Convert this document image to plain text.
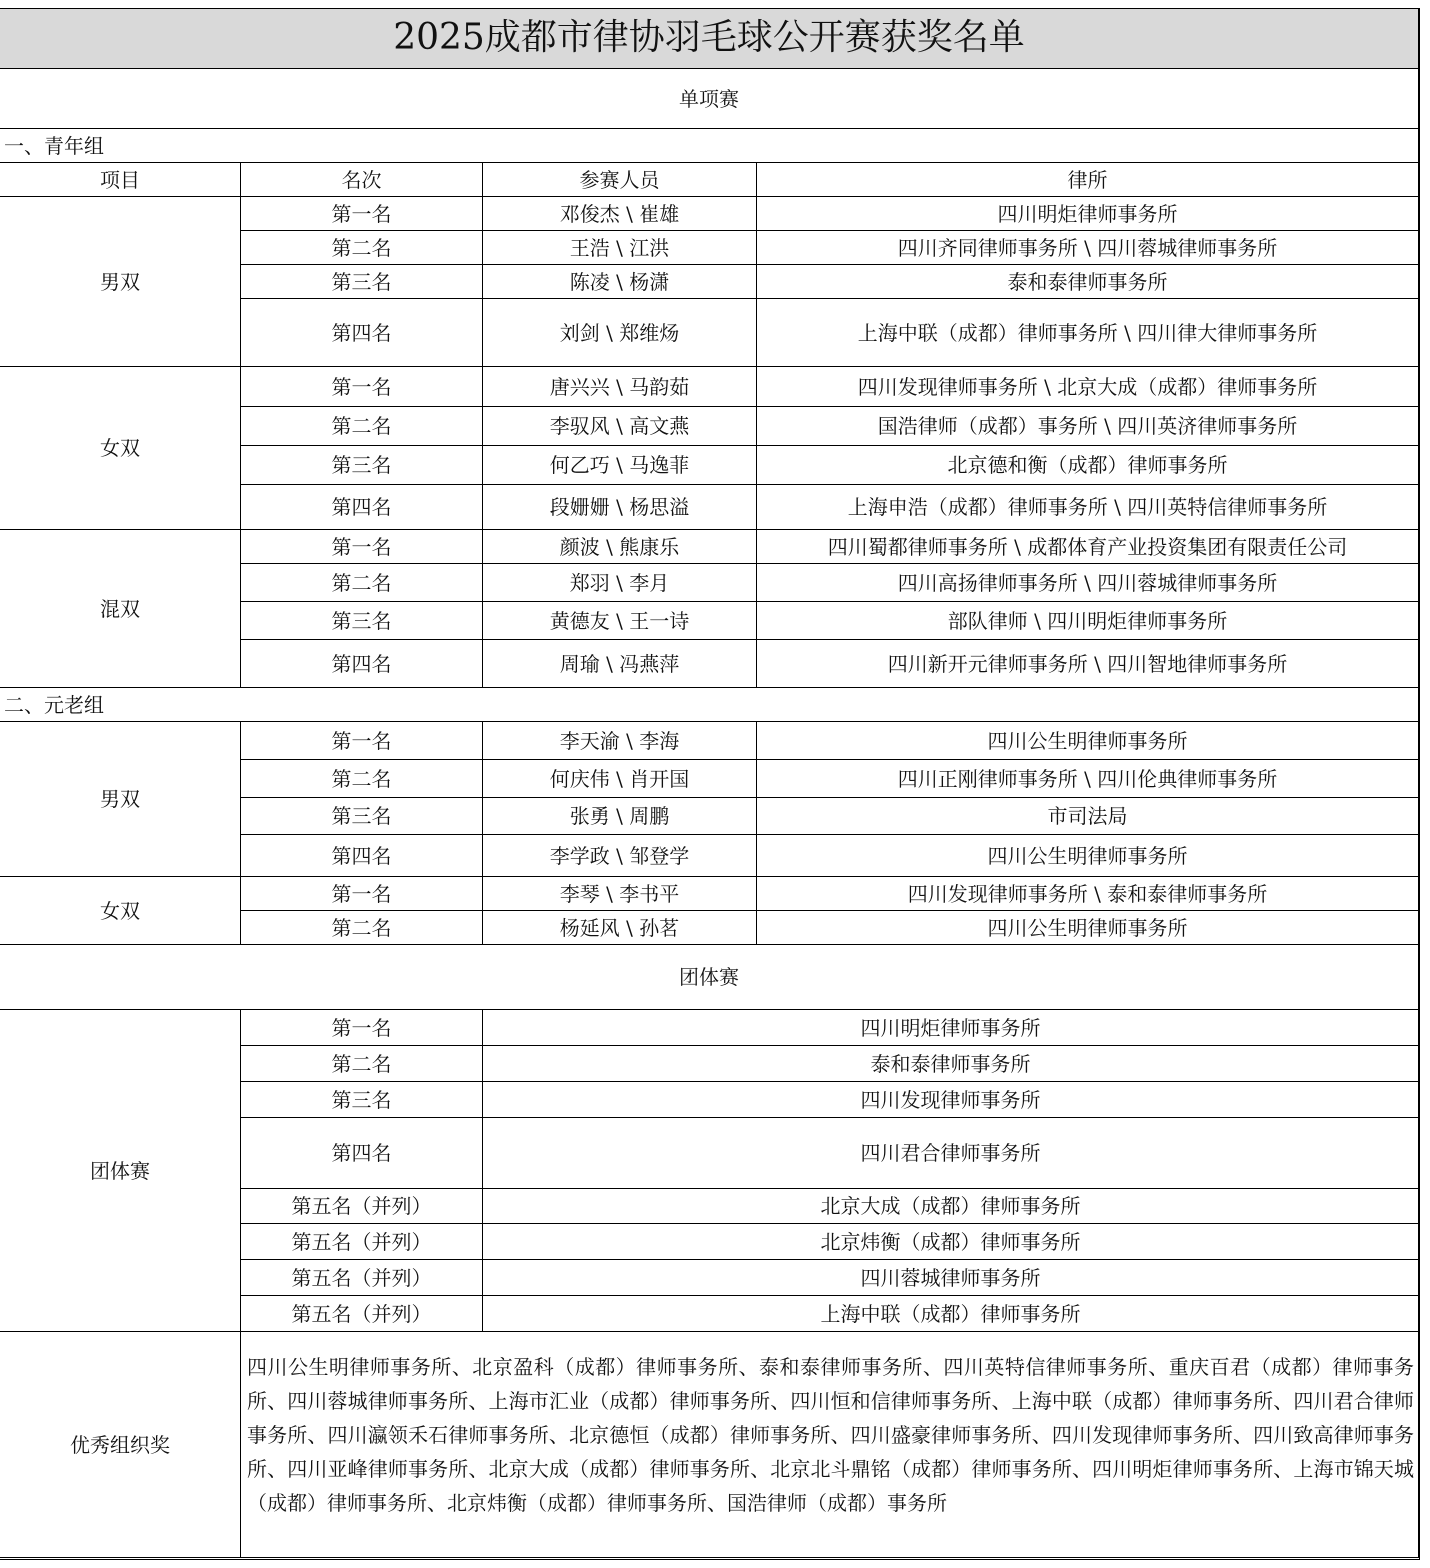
2025成都市律协羽毛球公开赛获奖名单
单项赛
一、青年组
项目	名次	参赛人员	律所
男双
第一名	邓俊杰 \ 崔雄	四川明炬律师事务所
第二名	王浩 \ 江洪	四川齐同律师事务所 \ 四川蓉城律师事务所
第三名	陈凌 \ 杨潇	泰和泰律师事务所
第四名	刘剑 \ 郑维炀	上海中联（成都）律师事务所 \ 四川律大律师事务所
女双
第一名	唐兴兴 \ 马韵茹	四川发现律师事务所 \ 北京大成（成都）律师事务所
第二名	李驭风 \ 高文燕	国浩律师（成都）事务所 \ 四川英济律师事务所
第三名	何乙巧 \ 马逸菲	北京德和衡（成都）律师事务所
第四名	段姗姗 \ 杨思溢	上海申浩（成都）律师事务所 \ 四川英特信律师事务所
混双
第一名	颜波 \ 熊康乐	四川蜀都律师事务所 \ 成都体育产业投资集团有限责任公司
第二名	郑羽 \ 李月	四川高扬律师事务所 \ 四川蓉城律师事务所
第三名	黄德友 \ 王一诗	部队律师 \ 四川明炬律师事务所
第四名	周瑜 \ 冯燕萍	四川新开元律师事务所 \ 四川智地律师事务所
二、元老组
男双
第一名	李天渝 \ 李海	四川公生明律师事务所
第二名	何庆伟 \ 肖开国	四川正刚律师事务所 \ 四川伦典律师事务所
第三名	张勇 \ 周鹏	市司法局
第四名	李学政 \ 邹登学	四川公生明律师事务所
女双
第一名	李琴 \ 李书平	四川发现律师事务所 \ 泰和泰律师事务所
第二名	杨延风 \ 孙茗	四川公生明律师事务所
团体赛
团体赛
第一名	四川明炬律师事务所
第二名	泰和泰律师事务所
第三名	四川发现律师事务所
第四名	四川君合律师事务所
第五名（并列）	北京大成（成都）律师事务所
第五名（并列）	北京炜衡（成都）律师事务所
第五名（并列）	四川蓉城律师事务所
第五名（并列）	上海中联（成都）律师事务所
优秀组织奖
四川公生明律师事务所、北京盈科（成都）律师事务所、泰和泰律师事务所、四川英特信律师事务所、重庆百君（成都）律师事务所、四川蓉城律师事务所、上海市汇业（成都）律师事务所、四川恒和信律师事务所、上海中联（成都）律师事务所、四川君合律师事务所、四川瀛领禾石律师事务所、北京德恒（成都）律师事务所、四川盛豪律师事务所、四川发现律师事务所、四川致高律师事务所、四川亚峰律师事务所、北京大成（成都）律师事务所、北京北斗鼎铭（成都）律师事务所、四川明炬律师事务所、上海市锦天城（成都）律师事务所、北京炜衡（成都）律师事务所、国浩律师（成都）事务所
